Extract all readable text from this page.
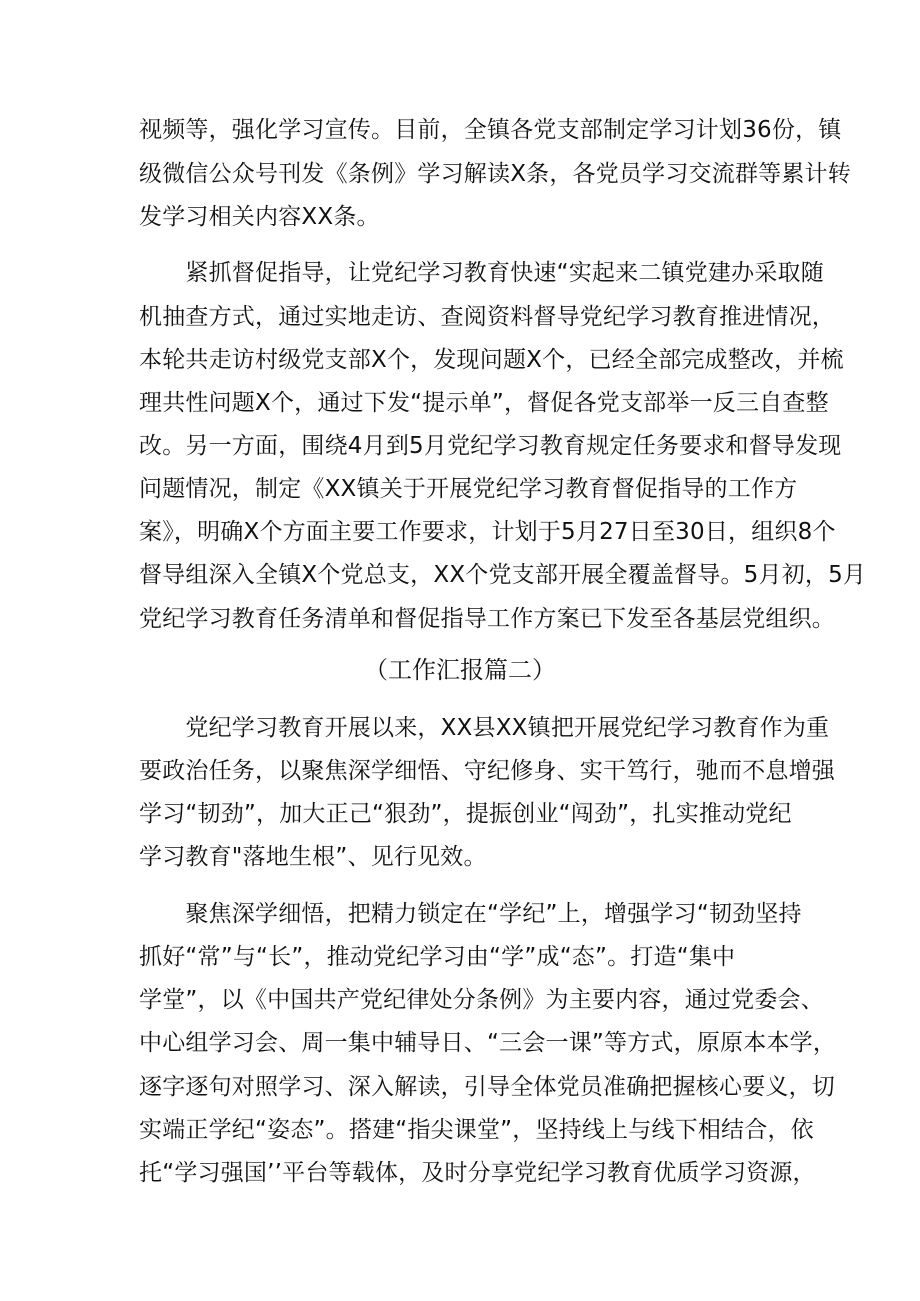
视频等，强化学习宣传。目前，全镇各党支部制定学习计划36份，镇
级微信公众号刊发《条例》学习解读X条，各党员学习交流群等累计转
发学习相关内容XX条。
　　紧抓督促指导，让党纪学习教育快速“实起来二镇党建办采取随
机抽查方式，通过实地走访、查阅资料督导党纪学习教育推进情况，
本轮共走访村级党支部X个，发现问题X个，已经全部完成整改，并梳
理共性问题X个，通过下发“提示单”，督促各党支部举一反三自查整
改。另一方面，围绕4月到5月党纪学习教育规定任务要求和督导发现
问题情况，制定《XX镇关于开展党纪学习教育督促指导的工作方
案》，明确X个方面主要工作要求，计划于5月27日至30日，组织8个
督导组深入全镇X个党总支，XX个党支部开展全覆盖督导。5月初，5月
党纪学习教育任务清单和督促指导工作方案已下发至各基层党组织。
（工作汇报篇二）
　　党纪学习教育开展以来，XX县XX镇把开展党纪学习教育作为重
要政治任务，以聚焦深学细悟、守纪修身、实干笃行，驰而不息增强
学习“韧劲”，加大正己“狠劲”，提振创业“闯劲”，扎实推动党纪
学习教育"落地生根”、见行见效。
　　聚焦深学细悟，把精力锁定在“学纪”上，增强学习“韧劲坚持
抓好“常”与“长”，推动党纪学习由“学”成“态”。打造“集中
学堂”，以《中国共产党纪律处分条例》为主要内容，通过党委会、
中心组学习会、周一集中辅导日、“三会一课”等方式，原原本本学，
逐字逐句对照学习、深入解读，引导全体党员准确把握核心要义，切
实端正学纪“姿态”。搭建“指尖课堂”，坚持线上与线下相结合，依
托“学习强国’’平台等载体，及时分享党纪学习教育优质学习资源，
